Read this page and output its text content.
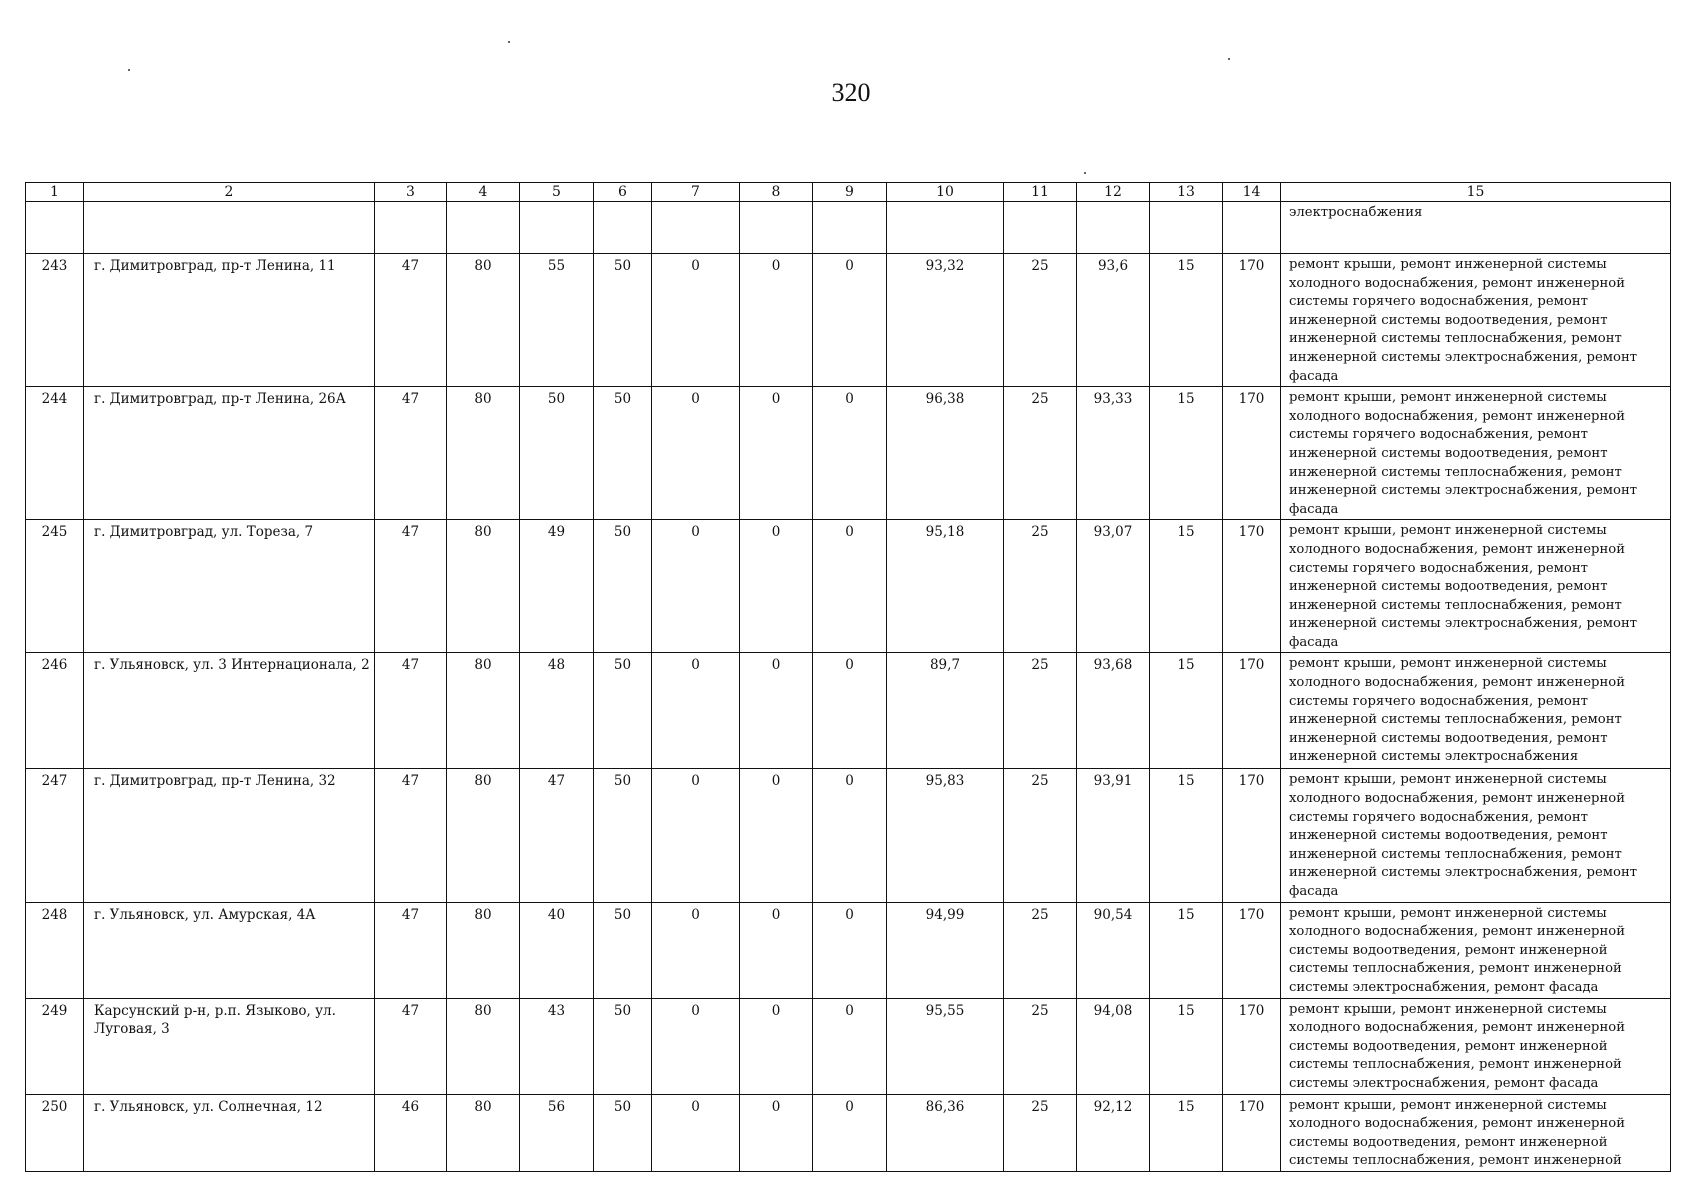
320
1	2	3	4	5	6	7	8	9	10	11	12	13	14	15

														электроснабжения

243	г. Димитровград, пр-т Ленина, 11	47	80	55	50	0	0	0	93,32	25	93,6	15	170	ремонт крыши, ремонт инженерной системы холодного водоснабжения, ремонт инженерной системы горячего водоснабжения, ремонт инженерной системы водоотведения, ремонт инженерной системы теплоснабжения, ремонт инженерной системы электроснабжения, ремонт фасада

244	г. Димитровград, пр-т Ленина, 26А	47	80	50	50	0	0	0	96,38	25	93,33	15	170	ремонт крыши, ремонт инженерной системы холодного водоснабжения, ремонт инженерной системы горячего водоснабжения, ремонт инженерной системы водоотведения, ремонт инженерной системы теплоснабжения, ремонт инженерной системы электроснабжения, ремонт фасада

245	г. Димитровград, ул. Тореза, 7	47	80	49	50	0	0	0	95,18	25	93,07	15	170	ремонт крыши, ремонт инженерной системы холодного водоснабжения, ремонт инженерной системы горячего водоснабжения, ремонт инженерной системы водоотведения, ремонт инженерной системы теплоснабжения, ремонт инженерной системы электроснабжения, ремонт фасада

246	г. Ульяновск, ул. 3 Интернационала, 2	47	80	48	50	0	0	0	89,7	25	93,68	15	170	ремонт крыши, ремонт инженерной системы холодного водоснабжения, ремонт инженерной системы горячего водоснабжения, ремонт инженерной системы теплоснабжения, ремонт инженерной системы водоотведения, ремонт инженерной системы электроснабжения

247	г. Димитровград, пр-т Ленина, 32	47	80	47	50	0	0	0	95,83	25	93,91	15	170	ремонт крыши, ремонт инженерной системы холодного водоснабжения, ремонт инженерной системы горячего водоснабжения, ремонт инженерной системы водоотведения, ремонт инженерной системы теплоснабжения, ремонт инженерной системы электроснабжения, ремонт фасада

248	г. Ульяновск, ул. Амурская, 4А	47	80	40	50	0	0	0	94,99	25	90,54	15	170	ремонт крыши, ремонт инженерной системы холодного водоснабжения, ремонт инженерной системы водоотведения, ремонт инженерной системы теплоснабжения, ремонт инженерной системы электроснабжения, ремонт фасада

249	Карсунский р-н, р.п. Языково, ул. Луговая, 3	47	80	43	50	0	0	0	95,55	25	94,08	15	170	ремонт крыши, ремонт инженерной системы холодного водоснабжения, ремонт инженерной системы водоотведения, ремонт инженерной системы теплоснабжения, ремонт инженерной системы электроснабжения, ремонт фасада

250	г. Ульяновск, ул. Солнечная, 12	46	80	56	50	0	0	0	86,36	25	92,12	15	170	ремонт крыши, ремонт инженерной системы холодного водоснабжения, ремонт инженерной системы водоотведения, ремонт инженерной системы теплоснабжения, ремонт инженерной
